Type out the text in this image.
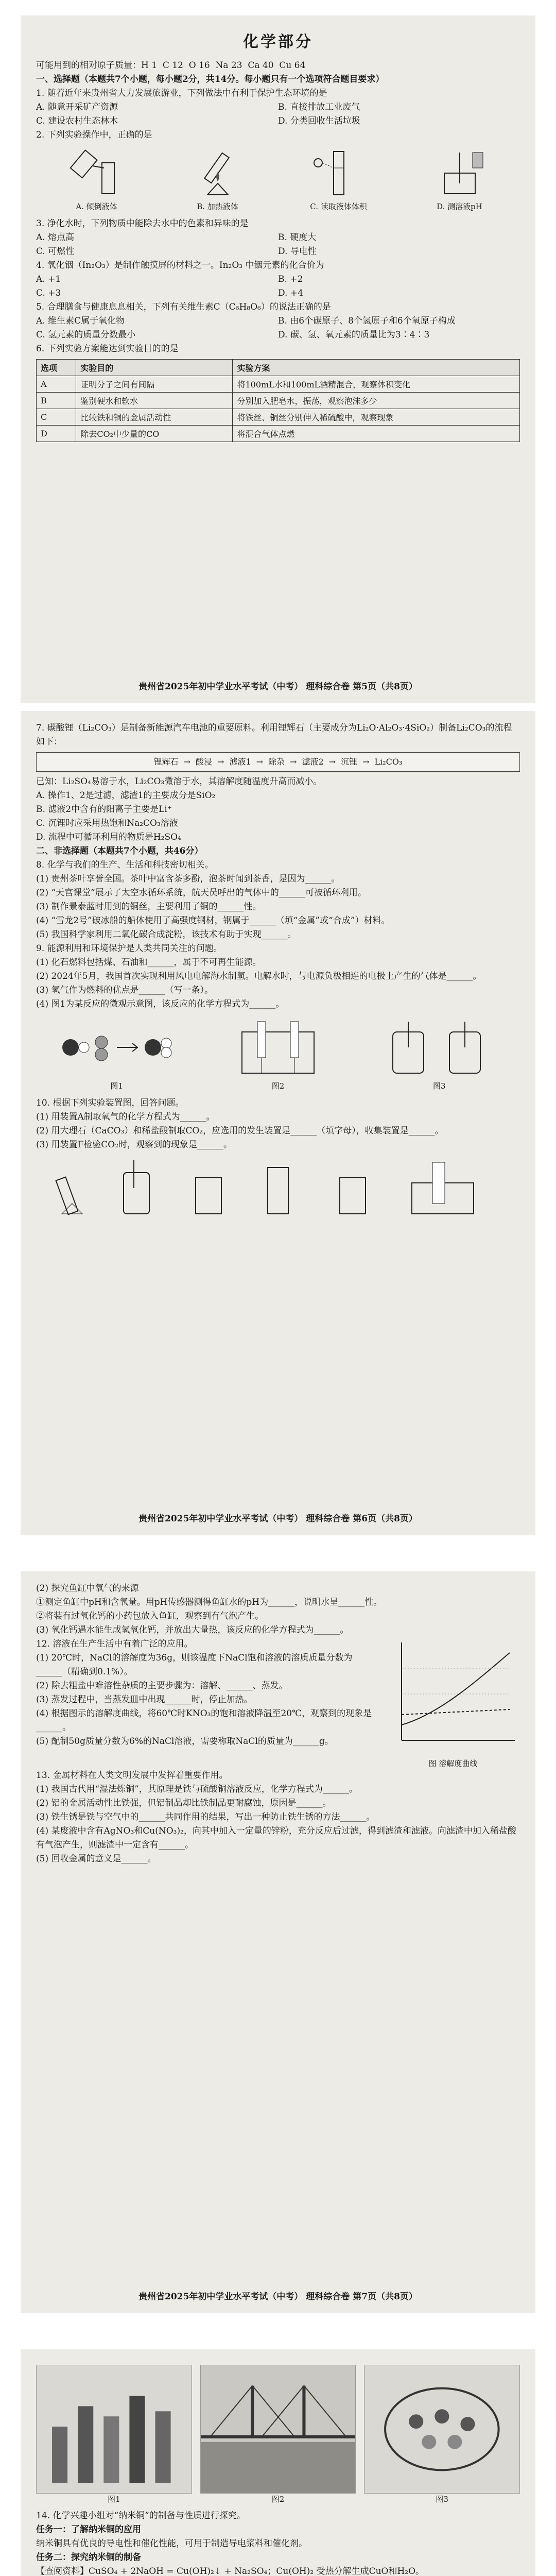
化学部分

可能用到的相对原子质量：H 1  C 12  O 16  Na 23  Ca 40  Cu 64

一、选择题（本题共7个小题，每小题2分，共14分。每小题只有一个选项符合题目要求）

1. 随着近年来贵州省大力发展旅游业，下列做法中有利于保护生态环境的是

A. 随意开采矿产资源	B. 直接排放工业废气
C. 建设农村生态林木	D. 分类回收生活垃圾

2. 下列实验操作中，正确的是

A. 倾倒液体	B. 加热液体	C. 读取液体体积	D. 测溶液pH

3. 净化水时，下列物质中能除去水中的色素和异味的是

A. 熔点高	B. 硬度大
C. 可燃性	D. 导电性

4. 氧化铟（In₂O₃）是制作触摸屏的材料之一。In₂O₃ 中铟元素的化合价为

A. +1	B. +2
C. +3	D. +4

5. 合理膳食与健康息息相关，下列有关维生素C（C₆H₈O₆）的说法正确的是

A. 维生素C属于氧化物	B. 由6个碳原子、8个氢原子和6个氧原子构成
C. 氢元素的质量分数最小	D. 碳、氢、氧元素的质量比为3∶4∶3

6. 下列实验方案能达到实验目的的是

选项	实验目的	实验方案
A	证明分子之间有间隔	将100mL水和100mL酒精混合，观察体积变化
B	鉴别硬水和软水	分别加入肥皂水，振荡，观察泡沫多少
C	比较铁和铜的金属活动性	将铁丝、铜丝分别伸入稀硫酸中，观察现象
D	除去CO₂中少量的CO	将混合气体点燃
贵州省2025年初中学业水平考试（中考） 理科综合卷 第5页（共8页）

7. 碳酸锂（Li₂CO₃）是制备新能源汽车电池的重要原料。利用锂辉石（主要成分为Li₂O·Al₂O₃·4SiO₂）制备Li₂CO₃的流程如下：

锂辉石 → 酸浸 → 滤液1 → 除杂 → 滤液2 → 沉锂 → Li₂CO₃

已知：Li₂SO₄易溶于水，Li₂CO₃微溶于水，其溶解度随温度升高而减小。

A. 操作1、2是过滤，滤渣1的主要成分是SiO₂

B. 滤液2中含有的阳离子主要是Li⁺

C. 沉锂时应采用热饱和Na₂CO₃溶液

D. 流程中可循环利用的物质是H₂SO₄

二、非选择题（本题共7个小题，共46分）

8. 化学与我们的生产、生活和科技密切相关。

(1) 贵州茶叶享誉全国。茶叶中富含茶多酚，泡茶时闻到茶香，是因为______。

(2) “天宫课堂”展示了太空水循环系统，航天员呼出的气体中的______可被循环利用。

(3) 制作景泰蓝时用到的铜丝，主要利用了铜的______性。

(4) “雪龙2号”破冰船的船体使用了高强度钢材，钢属于______（填“金属”或“合成”）材料。

(5) 我国科学家利用二氧化碳合成淀粉，该技术有助于实现______。

9. 能源利用和环境保护是人类共同关注的问题。

(1) 化石燃料包括煤、石油和______，属于不可再生能源。

(2) 2024年5月，我国首次实现利用风电电解海水制氢。电解水时，与电源负极相连的电极上产生的气体是______。

(3) 氢气作为燃料的优点是______（写一条）。

(4) 图1为某反应的微观示意图，该反应的化学方程式为______。

图1	图2	图3

10. 根据下列实验装置图，回答问题。

(1) 用装置A制取氧气的化学方程式为______。

(2) 用大理石（CaCO₃）和稀盐酸制取CO₂，应选用的发生装置是______（填字母），收集装置是______。

(3) 用装置F检验CO₂时，观察到的现象是______。

贵州省2025年初中学业水平考试（中考） 理科综合卷 第6页（共8页）

(2) 探究鱼缸中氧气的来源

①测定鱼缸中pH和含氧量。用pH传感器测得鱼缸水的pH为______，说明水呈______性。

②将装有过氧化钙的小药包放入鱼缸，观察到有气泡产生。

(3) 氧化钙遇水能生成氢氧化钙，并放出大量热，该反应的化学方程式为______。

12. 溶液在生产生活中有着广泛的应用。

(1) 20℃时，NaCl的溶解度为36g，则该温度下NaCl饱和溶液的溶质质量分数为______（精确到0.1%）。

(2) 除去粗盐中难溶性杂质的主要步骤为：溶解、______、蒸发。

(3) 蒸发过程中，当蒸发皿中出现______时，停止加热。

(4) 根据图示的溶解度曲线，将60℃时KNO₃的饱和溶液降温至20℃，观察到的现象是______。

(5) 配制50g质量分数为6%的NaCl溶液，需要称取NaCl的质量为______g。

图 溶解度曲线

13. 金属材料在人类文明发展中发挥着重要作用。

(1) 我国古代用“湿法炼铜”，其原理是铁与硫酸铜溶液反应，化学方程式为______。

(2) 铝的金属活动性比铁强，但铝制品却比铁制品更耐腐蚀，原因是______。

(3) 铁生锈是铁与空气中的______共同作用的结果，写出一种防止铁生锈的方法______。

(4) 某废液中含有AgNO₃和Cu(NO₃)₂，向其中加入一定量的锌粉，充分反应后过滤，得到滤渣和滤液。向滤渣中加入稀盐酸有气泡产生，则滤渣中一定含有______。

(5) 回收金属的意义是______。

贵州省2025年初中学业水平考试（中考） 理科综合卷 第7页（共8页）
图1	图2	图3

14. 化学兴趣小组对“纳米铜”的制备与性质进行探究。

任务一：了解纳米铜的应用

纳米铜具有优良的导电性和催化性能，可用于制造导电浆料和催化剂。

任务二：探究纳米铜的制备

【查阅资料】CuSO₄ + 2NaOH = Cu(OH)₂↓ + Na₂SO₄；Cu(OH)₂ 受热分解生成CuO和H₂O。
